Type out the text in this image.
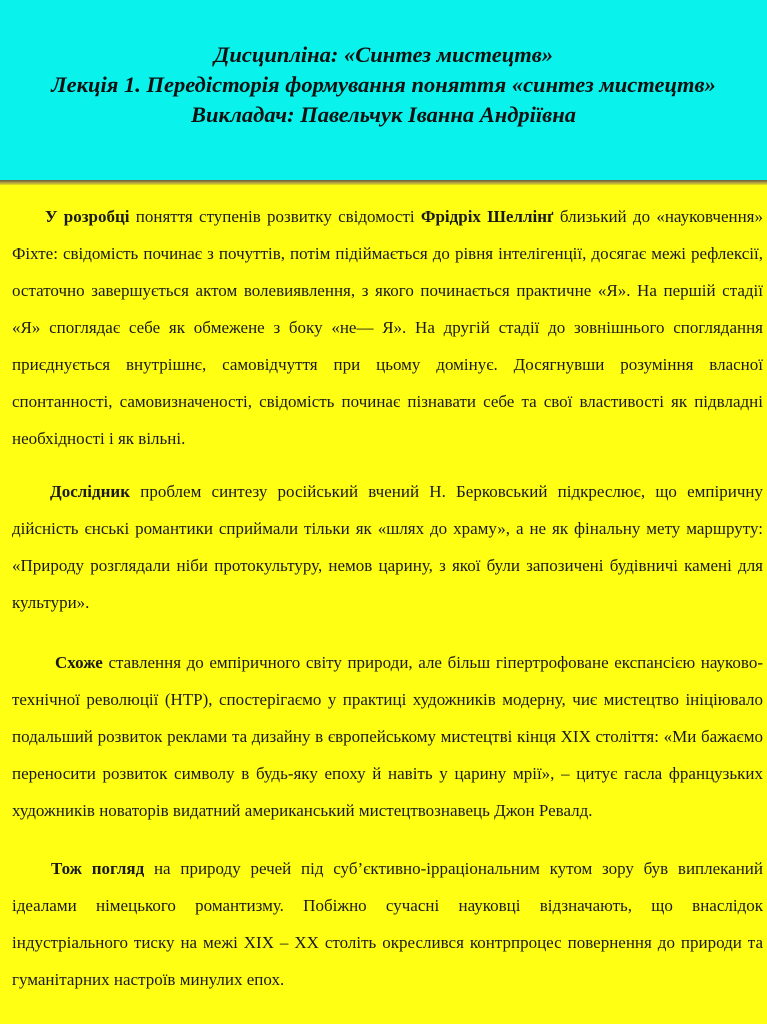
Дисципліна: «Синтез мистецтв»
Лекція 1. Передісторія формування поняття «синтез мистецтв»
Викладач: Павельчук Іванна Андріївна

У розробці поняття ступенів розвитку свідомості Фрідріх Шеллінґ близький до «науковчення» Фіхте: свідомість починає з почуттів, потім підіймається до рівня інтелігенції, досягає межі рефлексії, остаточно завершується актом волевиявлення, з якого починається практичне «Я». На першій стадії «Я» споглядає себе як обмежене з боку «не— Я». На другій стадії до зовнішнього споглядання приєднується внутрішнє, самовідчуття при цьому домінує. Досягнувши розуміння власної спонтанності, самовизначеності, свідомість починає пізнавати себе та свої властивості як підвладні необхідності і як вільні.

Дослідник проблем синтезу російський вчений Н. Берковський підкреслює, що емпіричну дійсність єнські романтики сприймали тільки як «шлях до храму», а не як фінальну мету маршруту: «Природу розглядали ніби протокультуру, немов царину, з якої були запозичені будівничі камені для культури».

Схоже ставлення до емпіричного світу природи, але більш гіпертрофоване експансією науково-технічної революції (НТР), спостерігаємо у практиці художників модерну, чиє мистецтво ініціювало подальший розвиток реклами та дизайну в європейському мистецтві кінця XIX століття: «Ми бажаємо переносити розвиток символу в будь-яку епоху й навіть у царину мрії», – цитує гасла французьких художників новаторів видатний американський мистецтвознавець Джон Ревалд.

Тож погляд на природу речей під суб’єктивно-ірраціональним кутом зору був виплеканий ідеалами німецького романтизму. Побіжно сучасні науковці відзначають, що внаслідок індустріального тиску на межі XIX – XX століть окреслився контрпроцес повернення до природи та гуманітарних настроїв минулих епох.
